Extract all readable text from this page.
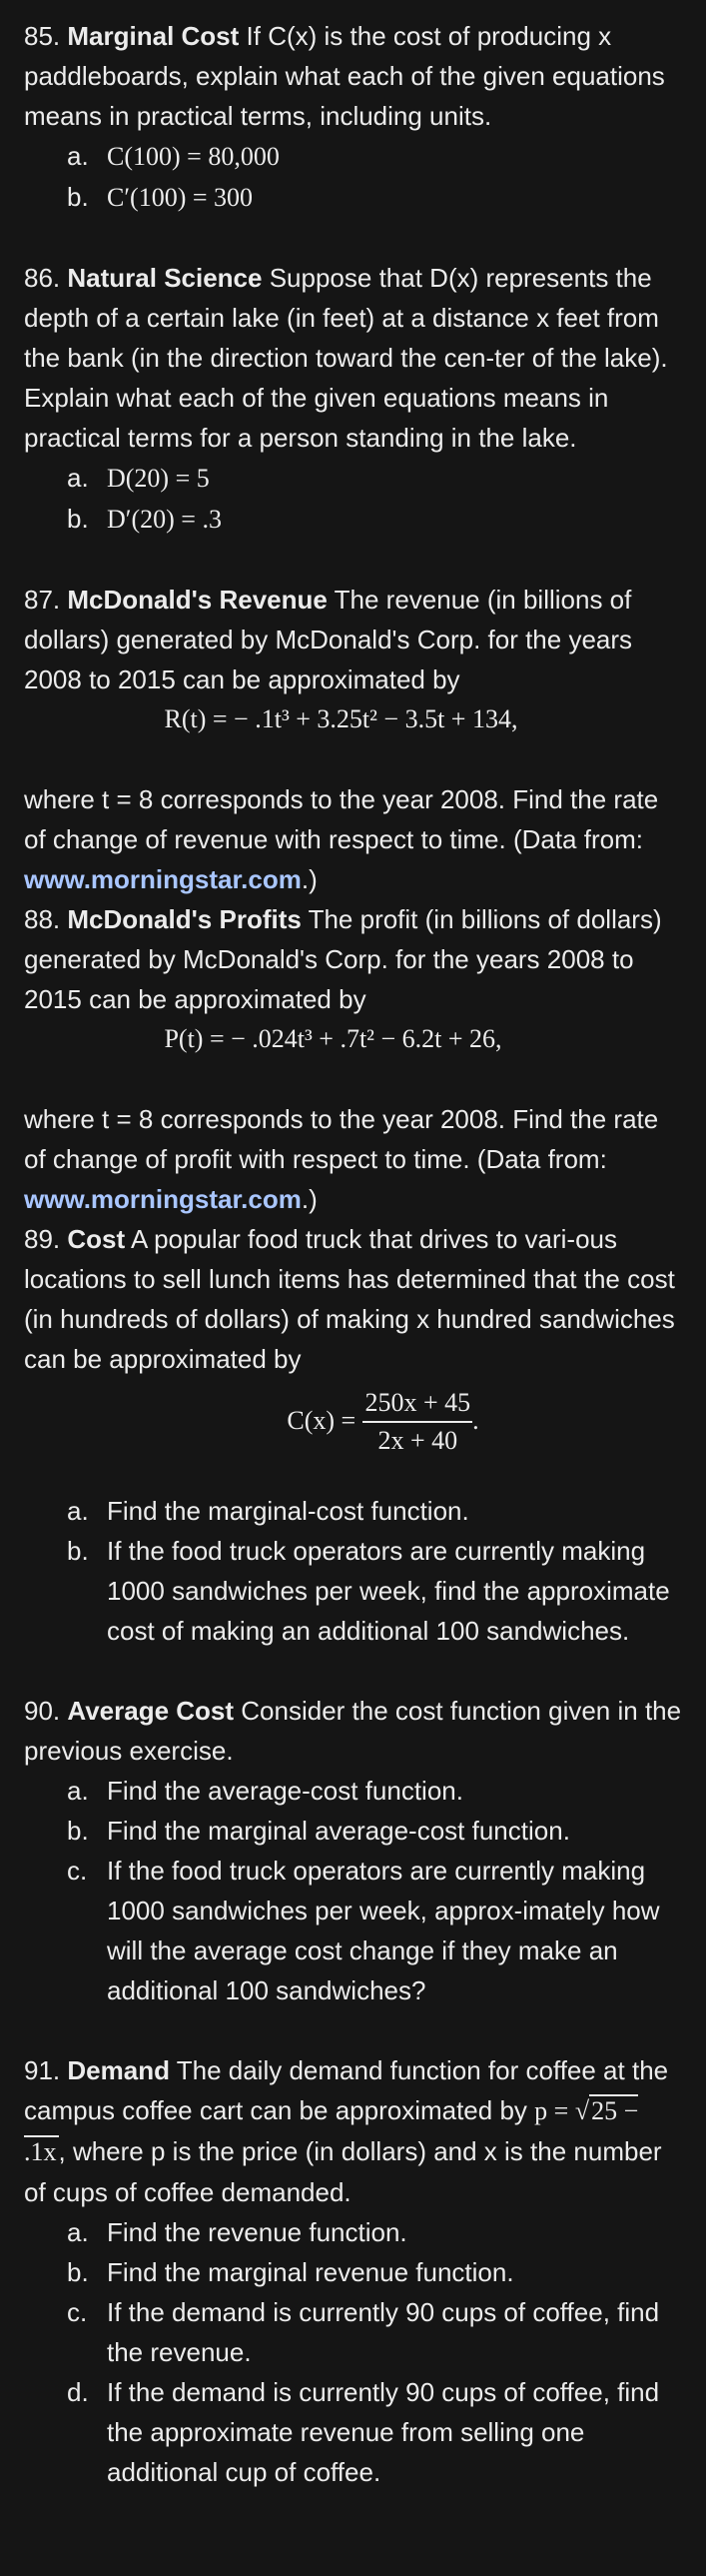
85. Marginal Cost If C(x) is the cost of producing x paddleboards, explain what each of the given equations means in practical terms, including units.

a. C(100) = 80,000
b. C′(100) = 300

86. Natural Science Suppose that D(x) represents the depth of a certain lake (in feet) at a distance x feet from the bank (in the direction toward the cen-ter of the lake). Explain what each of the given equations means in practical terms for a person standing in the lake.

a. D(20) = 5
b. D′(20) = .3

87. McDonald's Revenue The revenue (in billions of dollars) generated by McDonald's Corp. for the years 2008 to 2015 can be approximated by

R(t) = − .1t³ + 3.25t² − 3.5t + 134,

where t = 8 corresponds to the year 2008. Find the rate of change of revenue with respect to time. (Data from: www.morningstar.com.)

88. McDonald's Profits The profit (in billions of dollars) generated by McDonald's Corp. for the years 2008 to 2015 can be approximated by

P(t) = − .024t³ + .7t² − 6.2t + 26,

where t = 8 corresponds to the year 2008. Find the rate of change of profit with respect to time. (Data from: www.morningstar.com.)

89. Cost A popular food truck that drives to vari-ous locations to sell lunch items has determined that the cost (in hundreds of dollars) of making x hundred sandwiches can be approximated by

$C(x) = \frac{250x + 45}{2x + 40}$ .
a. Find the marginal-cost function.
b. If the food truck operators are currently making 1000 sandwiches per week, find the approximate cost of making an additional 100 sandwiches.

90. Average Cost Consider the cost function given in the previous exercise.

a. Find the average-cost function.
b. Find the marginal average-cost function.
c. If the food truck operators are currently making 1000 sandwiches per week, approx-imately how will the average cost change if they make an additional 100 sandwiches?

91. Demand The daily demand function for coffee at the campus coffee cart can be approximated by p = √25 − .1x, where p is the price (in dollars) and x is the number of cups of coffee demanded.

a. Find the revenue function.
b. Find the marginal revenue function.
c. If the demand is currently 90 cups of coffee, find the revenue.
d. If the demand is currently 90 cups of coffee, find the approximate revenue from selling one additional cup of coffee.
